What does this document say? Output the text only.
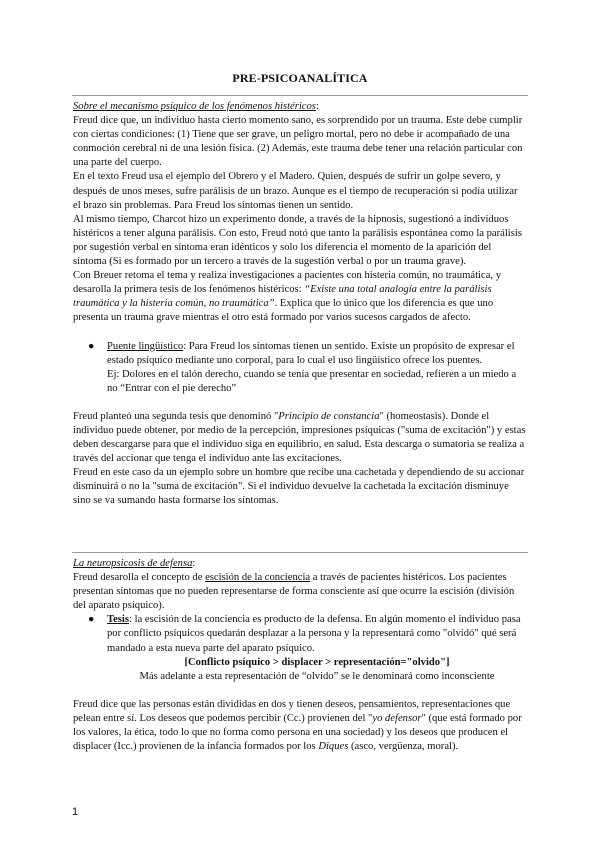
PRE-PSICOANALÍTICA

Sobre el mecanismo psíquico de los fenómenos histéricos:

Freud dice que, un individuo hasta cierto momento sano, es sorprendido por un trauma. Este debe cumplir con ciertas condiciones: (1) Tiene que ser grave, un peligro mortal, pero no debe ir acompañado de una conmoción cerebral ni de una lesión física. (2) Además, este trauma debe tener una relación particular con una parte del cuerpo.

En el texto Freud usa el ejemplo del Obrero y el Madero. Quien, después de sufrir un golpe severo, y después de unos meses, sufre parálisis de un brazo. Aunque es el tiempo de recuperación si podía utilizar el brazo sin problemas. Para Freud los síntomas tienen un sentido.

Al mismo tiempo, Charcot hizo un experimento donde, a través de la hipnosis, sugestionó a individuos histéricos a tener alguna parálisis. Con esto, Freud notó que tanto la parálisis espontánea como la parálisis por sugestión verbal en síntoma eran idénticos y solo los diferencia el momento de la aparición del síntoma (Si es formado por un tercero a través de la sugestión verbal o por un trauma grave).

Con Breuer retoma el tema y realiza investigaciones a pacientes con histeria común, no traumática, y desarolla la primera tesis de los fenómenos histéricos: “Existe una total analogía entre la parálisis traumática y la histeria común, no traumática”. Explica que lo único que los diferencia es que uno presenta un trauma grave mientras el otro está formado por varios sucesos cargados de afecto.

● Puente lingüístico: Para Freud los síntomas tienen un sentido. Existe un propósito de expresar el estado psíquico mediante uno corporal, para lo cual el uso lingüístico ofrece los puentes.

Ej: Dolores en el talón derecho, cuando se tenía que presentar en sociedad, refieren a un miedo a no “Entrar con el pie derecho”

Freud planteó una segunda tesis que denominó "Principio de constancia" (homeostasis). Donde el individuo puede obtener, por medio de la percepción, impresiones psíquicas ("suma de excitación") y estas deben descargarse para que el individuo siga en equilibrio, en salud. Esta descarga o sumatoria se realiza a través del accionar que tenga el individuo ante las excitaciones.

Freud en este caso da un ejemplo sobre un hombre que recibe una cachetada y dependiendo de su accionar disminuirá o no la "suma de excitación". Si el individuo devuelve la cachetada la excitación disminuye sino se va sumando hasta formarse los síntomas.

La neuropsicosis de defensa:

Freud desarolla el concepto de escisión de la conciencia a través de pacientes histéricos. Los pacientes presentan síntomas que no pueden representarse de forma consciente así que ocurre la escisión (división del aparato psíquico).

● Tesis: la escisión de la conciencia es producto de la defensa. En algún momento el individuo pasa por conflicto psíquicos quedarán desplazar a la persona y la representará como "olvidó" qué será mandado a esta nueva parte del aparato psíquico.

[Conflicto psíquico > displacer > representación="olvido"]

Más adelante a esta representación de “olvido” se le denominará como inconsciente

Freud dice que las personas están divididas en dos y tienen deseos, pensamientos, representaciones que pelean entre sí. Los deseos que podemos percibir (Cc.) provienen del "yo defensor" (que está formado por los valores, la ética, todo lo que no forma como persona en una sociedad) y los deseos que producen el displacer (Icc.) provienen de la infancia formados por los Diques (asco, vergüenza, moral).

1
